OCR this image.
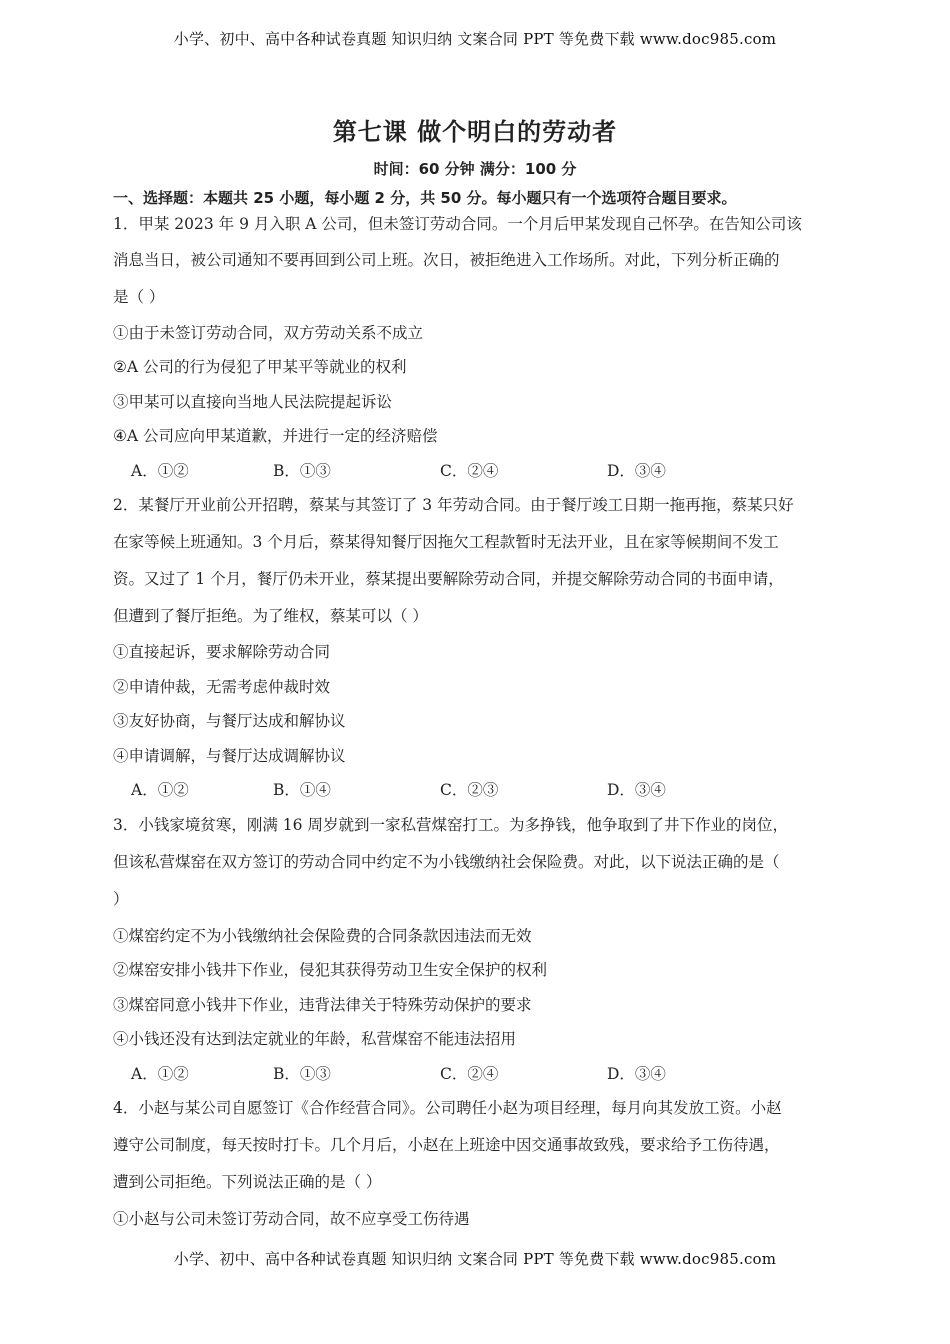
小学、初中、高中各种试卷真题 知识归纳 文案合同 PPT 等免费下载 www.doc985.com
第七课 做个明白的劳动者
时间：60 分钟 满分：100 分
一、选择题：本题共 25 小题，每小题 2 分，共 50 分。每小题只有一个选项符合题目要求。
1．甲某 2023 年 9 月入职 A 公司，但未签订劳动合同。一个月后甲某发现自己怀孕。在告知公司该
消息当日，被公司通知不要再回到公司上班。次日，被拒绝进入工作场所。对此，下列分析正确的
是（ ）
①由于未签订劳动合同，双方劳动关系不成立
②A 公司的行为侵犯了甲某平等就业的权利
③甲某可以直接向当地人民法院提起诉讼
④A 公司应向甲某道歉，并进行一定的经济赔偿
A．①②	B．①③	C．②④	D．③④
2．某餐厅开业前公开招聘，蔡某与其签订了 3 年劳动合同。由于餐厅竣工日期一拖再拖，蔡某只好
在家等候上班通知。3 个月后，蔡某得知餐厅因拖欠工程款暂时无法开业，且在家等候期间不发工
资。又过了 1 个月，餐厅仍未开业，蔡某提出要解除劳动合同，并提交解除劳动合同的书面申请，
但遭到了餐厅拒绝。为了维权，蔡某可以（ ）
①直接起诉，要求解除劳动合同
②申请仲裁，无需考虑仲裁时效
③友好协商，与餐厅达成和解协议
④申请调解，与餐厅达成调解协议
A．①②	B．①④	C．②③	D．③④
3．小钱家境贫寒，刚满 16 周岁就到一家私营煤窑打工。为多挣钱，他争取到了井下作业的岗位，
但该私营煤窑在双方签订的劳动合同中约定不为小钱缴纳社会保险费。对此，以下说法正确的是（
）
①煤窑约定不为小钱缴纳社会保险费的合同条款因违法而无效
②煤窑安排小钱井下作业，侵犯其获得劳动卫生安全保护的权利
③煤窑同意小钱井下作业，违背法律关于特殊劳动保护的要求
④小钱还没有达到法定就业的年龄，私营煤窑不能违法招用
A．①②	B．①③	C．②④	D．③④
4．小赵与某公司自愿签订《合作经营合同》。公司聘任小赵为项目经理，每月向其发放工资。小赵
遵守公司制度，每天按时打卡。几个月后，小赵在上班途中因交通事故致残，要求给予工伤待遇，
遭到公司拒绝。下列说法正确的是（ ）
①小赵与公司未签订劳动合同，故不应享受工伤待遇
小学、初中、高中各种试卷真题 知识归纳 文案合同 PPT 等免费下载 www.doc985.com
